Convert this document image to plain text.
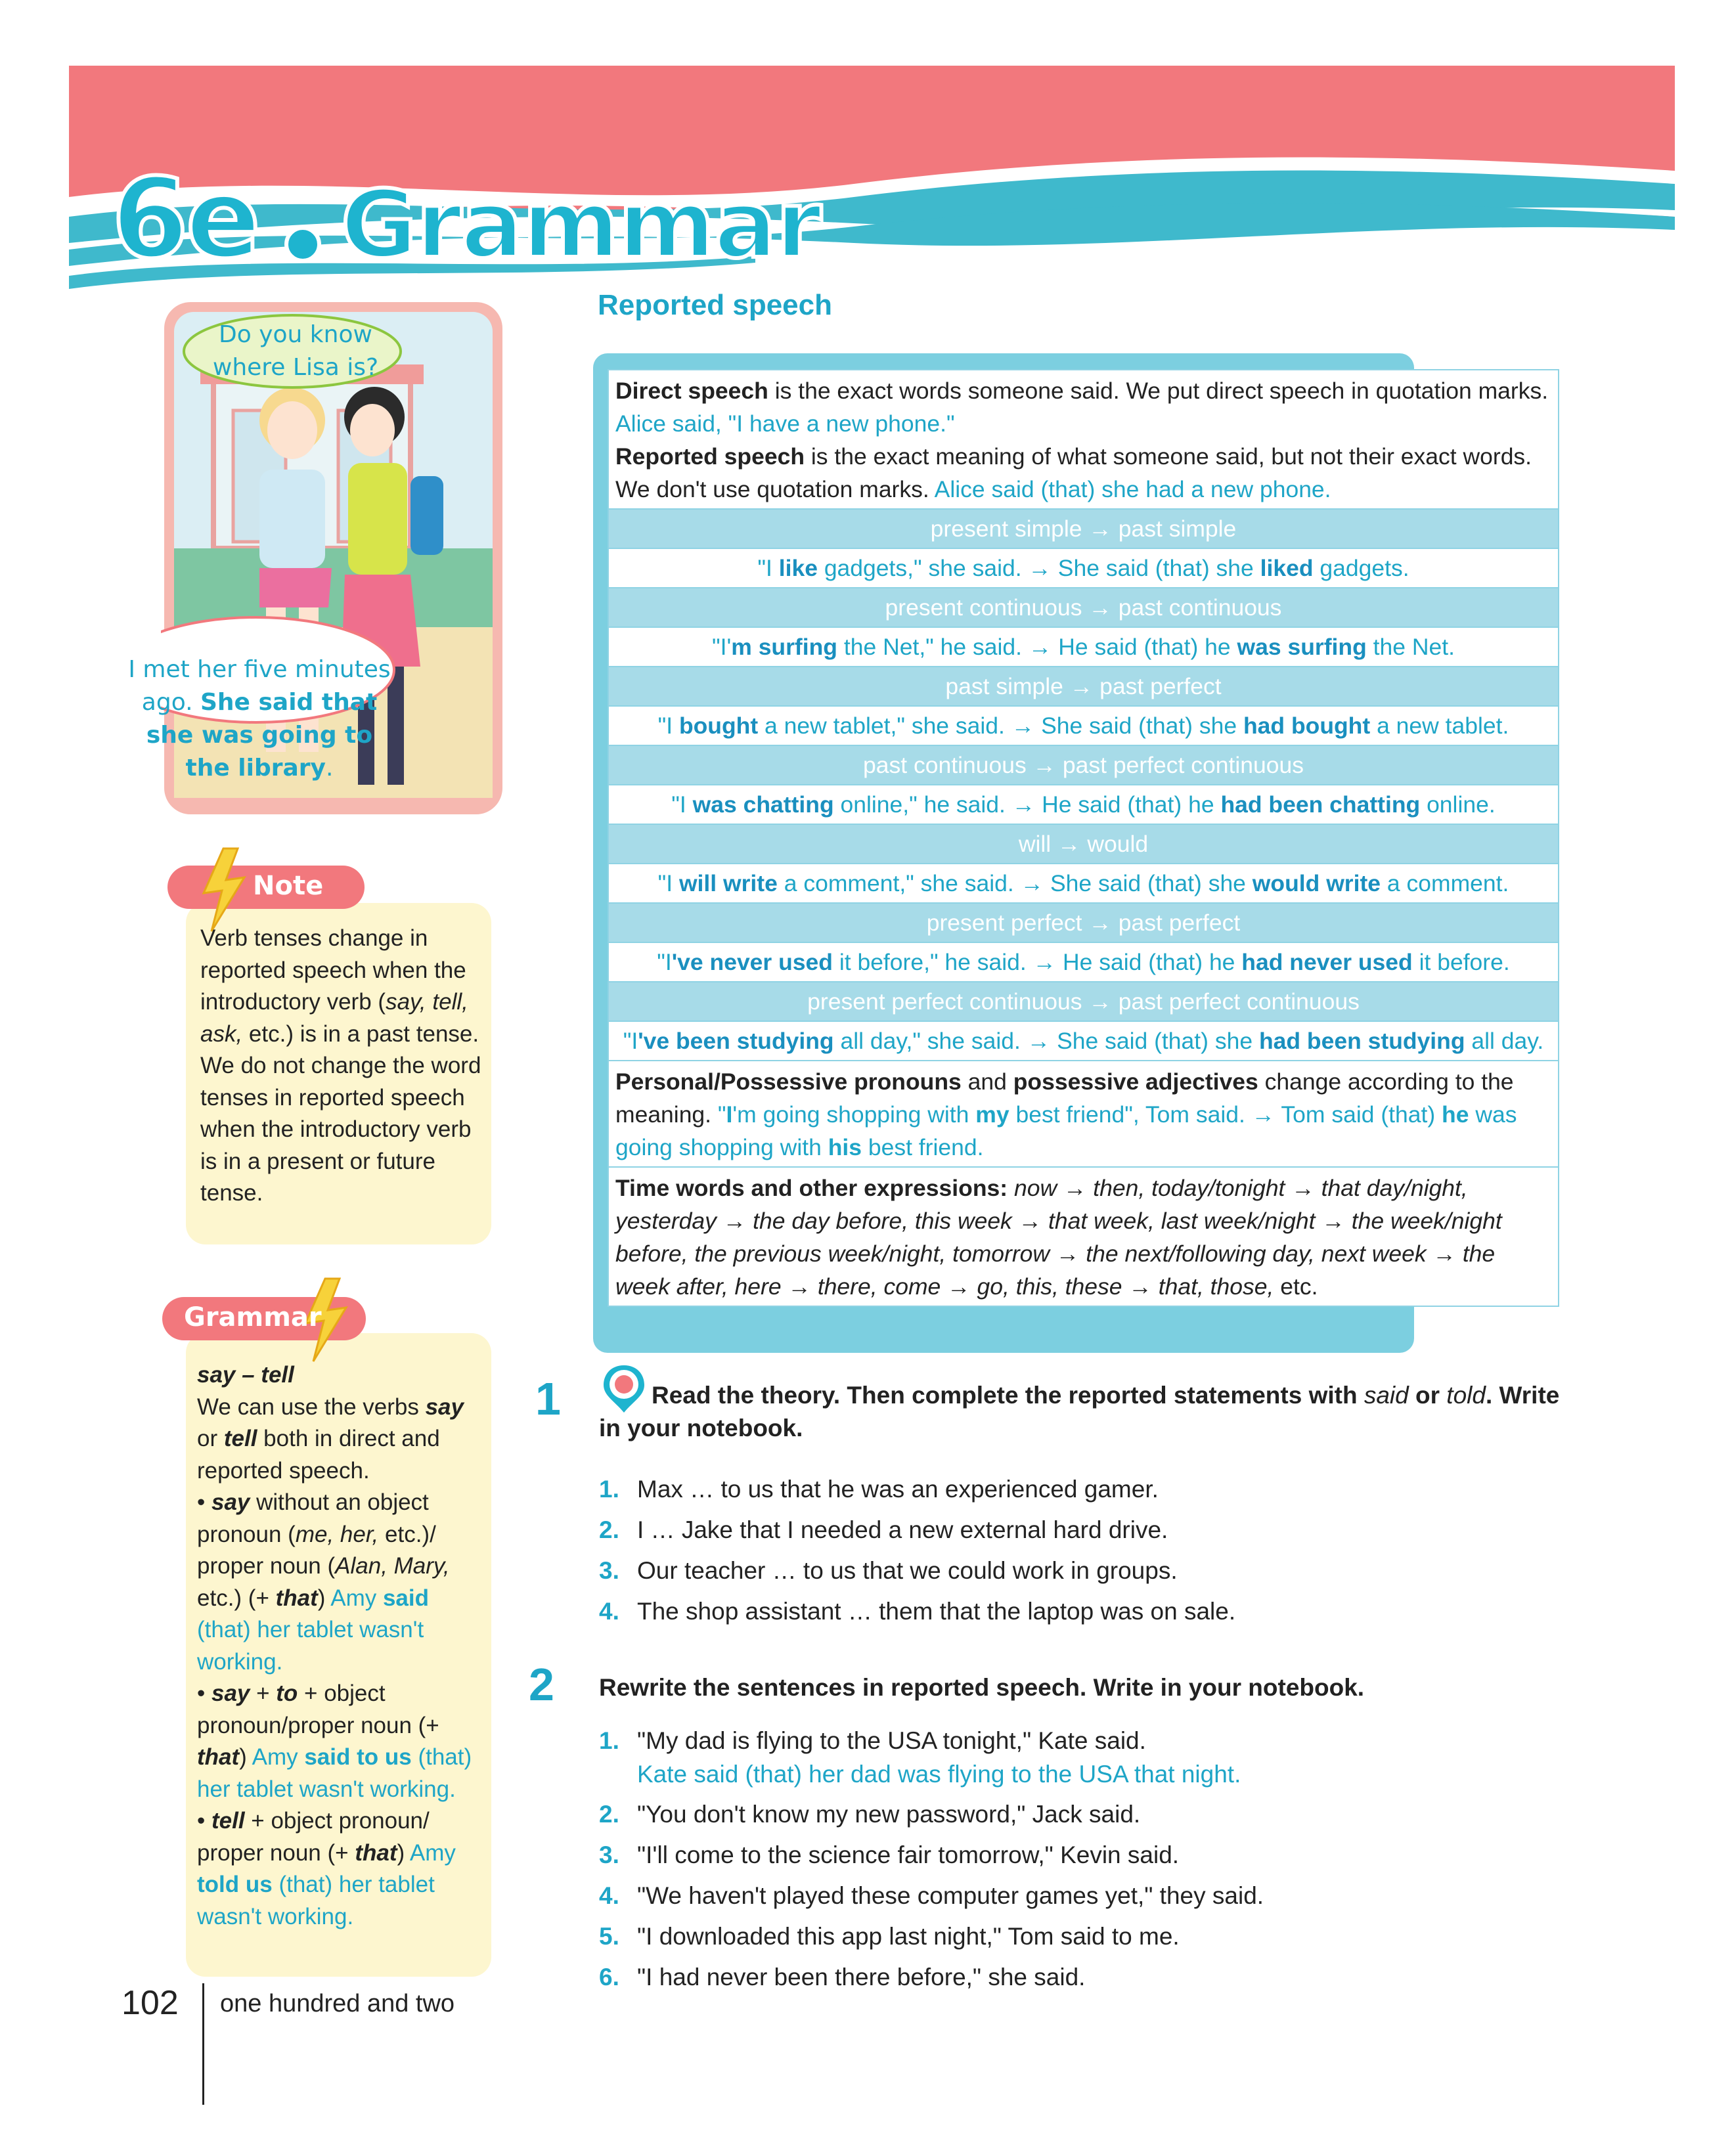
6e Grammar
Do you know where Lisa is?
I met her five minutes ago. She said that she was going to the library.
Note
Verb tenses change in reported speech when the introductory verb (say, tell, ask, etc.) is in a past tense. We do not change the word tenses in reported speech when the introductory verb is in a present or future tense.
Grammar
say – tell
We can use the verbs say or tell both in direct and reported speech.
• say without an object pronoun (me, her, etc.)/ proper noun (Alan, Mary, etc.) (+ that) Amy said (that) her tablet wasn't working.
• say + to + object pronoun/proper noun (+ that) Amy said to us (that) her tablet wasn't working.
• tell + object pronoun/ proper noun (+ that) Amy told us (that) her tablet wasn't working.
102 one hundred and two
Reported speech
Direct speech is the exact words someone said. We put direct speech in quotation marks. Alice said, "I have a new phone."
Reported speech is the exact meaning of what someone said, but not their exact words. We don't use quotation marks. Alice said (that) she had a new phone.
present simple → past simple
"I like gadgets," she said. → She said (that) she liked gadgets.
present continuous → past continuous
"I'm surfing the Net," he said. → He said (that) he was surfing the Net.
past simple → past perfect
"I bought a new tablet," she said. → She said (that) she had bought a new tablet.
past continuous → past perfect continuous
"I was chatting online," he said. → He said (that) he had been chatting online.
will → would
"I will write a comment," she said. → She said (that) she would write a comment.
present perfect → past perfect
"I've never used it before," he said. → He said (that) he had never used it before.
present perfect continuous → past perfect continuous
"I've been studying all day," she said. → She said (that) she had been studying all day.
Personal/Possessive pronouns and possessive adjectives change according to the meaning. "I'm going shopping with my best friend", Tom said. → Tom said (that) he was going shopping with his best friend.
Time words and other expressions: now → then, today/tonight → that day/night, yesterday → the day before, this week → that week, last week/night → the week/night before, the previous week/night, tomorrow → the next/following day, next week → the week after, here → there, come → go, this, these → that, those, etc.
1	Read the theory. Then complete the reported statements with said or told. Write in your notebook.
1. Max … to us that he was an experienced gamer.
2. I … Jake that I needed a new external hard drive.
3. Our teacher … to us that we could work in groups.
4. The shop assistant … them that the laptop was on sale.
2 Rewrite the sentences in reported speech. Write in your notebook.
1. "My dad is flying to the USA tonight," Kate said.
Kate said (that) her dad was flying to the USA that night.
2. "You don't know my new password," Jack said.
3. "I'll come to the science fair tomorrow," Kevin said.
4. "We haven't played these computer games yet," they said.
5. "I downloaded this app last night," Tom said to me.
6. "I had never been there before," she said.
